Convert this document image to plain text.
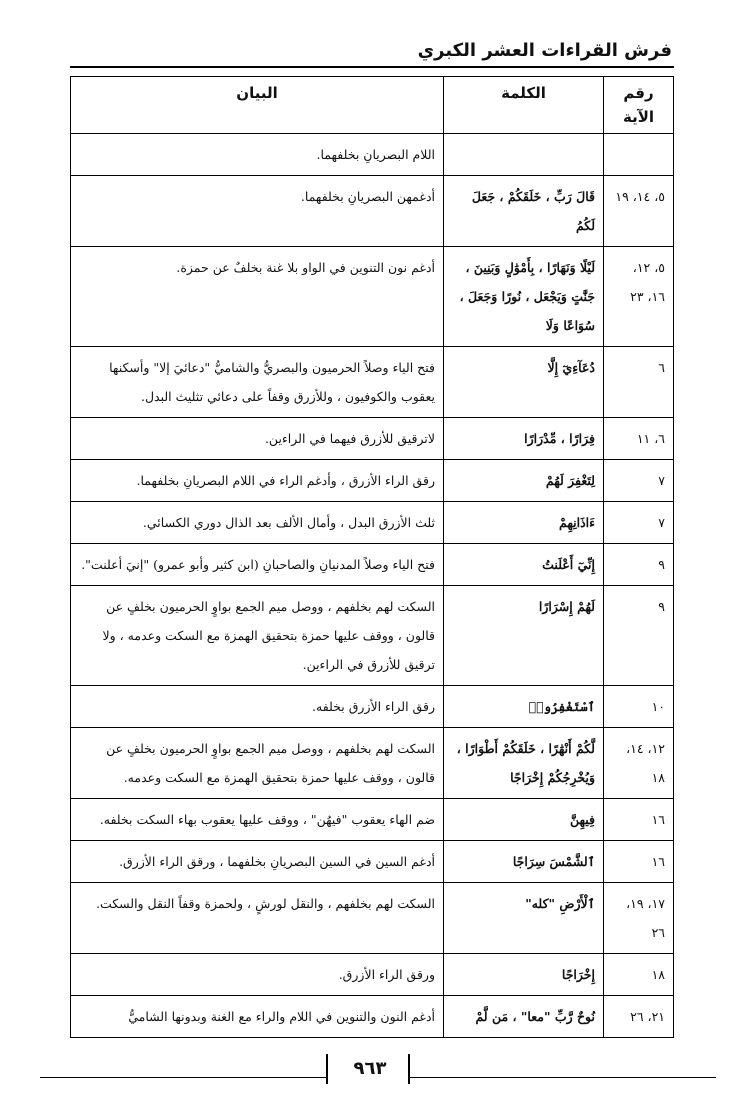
فرش القراءات العشر الكبري
رقم الآية	الكلمة	البيان
		اللام البصريانِ بخلفهما.
٥، ١٤، ١٩	قَالَ رَبِّ ، خَلَقَكُمْ ، جَعَلَ لَكُمُ	أدغمهن البصريانِ بخلفهما.
٥، ١٢، ١٦، ٢٣	لَيْلًا وَنَهَارًا ، بِأَمْوَٰلٍ وَبَنِينَ ، جَنَّٰتٍ وَيَجْعَل ، نُورًا وَجَعَلَ ، سُوَاعًا وَلَا	أدغم نون التنوين في الواو بلا غنة بخلفٌ عن حمزة.
٦	دُعَآءِيٓ إِلَّا	فتح الياء وصلاً الحرميون والبصريُّ والشاميُّ "دعائيَ إلا" وأسكنها يعقوب والكوفيون ، وللأزرق وقفاً على دعائي تثليث البدل.
٦، ١١	فِرَارًا ، مِّدْرَارًا	لاترقيق للأزرق فيهما في الراءين.
٧	لِتَغْفِرَ لَهُمْ	رقق الراء الأزرق ، وأدغم الراء في اللام البصريانِ بخلفهما.
٧	ءَاذَانِهِمْ	ثلث الأزرق البدل ، وأمال الألف بعد الذال دوري الكسائي.
٩	إِنِّيٓ أَعْلَنتُ	فتح الياء وصلاً المدنيانِ والصاحبانِ (ابن كثير وأبو عمرو) "إنيَ أعلنت".
٩	لَهُمْ إِسْرَارًا	السكت لهم بخلفهم ، ووصل ميم الجمع بواوٍ الحرميون بخلفٍ عن قالون ، ووقف عليها حمزة بتحقيق الهمزة مع السكت وعدمه ، ولا ترقيق للأزرق في الراءين.
١٠	ٱسْتَغْفِرُوا۟	رقق الراء الأزرق بخلفه.
١٢، ١٤، ١٨	لَّكُمْ أَنْهَٰرًا ، خَلَقَكُمْ أَطْوَارًا ، وَيُخْرِجُكُمْ إِخْرَاجًا	السكت لهم بخلفهم ، ووصل ميم الجمع بواوٍ الحرميون بخلفٍ عن قالون ، ووقف عليها حمزة بتحقيق الهمزة مع السكت وعدمه.
١٦	فِيهِنَّ	ضم الهاء يعقوب "فيهُن" ، ووقف عليها يعقوب بهاء السكت بخلفه.
١٦	ٱلشَّمْسَ سِرَاجًا	أدغم السين في السين البصريانِ بخلفهما ، ورقق الراء الأزرق.
١٧، ١٩، ٢٦	ٱلْأَرْضِ "كله"	السكت لهم بخلفهم ، والنقل لورشٍ ، ولحمزة وقفاً النقل والسكت.
١٨	إِخْرَاجًا	ورقق الراء الأزرق.
٢١، ٢٦	نُوحٌ رَّبِّ "معا" ، مَن لَّمْ	أدغم النون والتنوين في اللام والراء مع الغنة وبدونها الشاميُّ
٩٦٣
